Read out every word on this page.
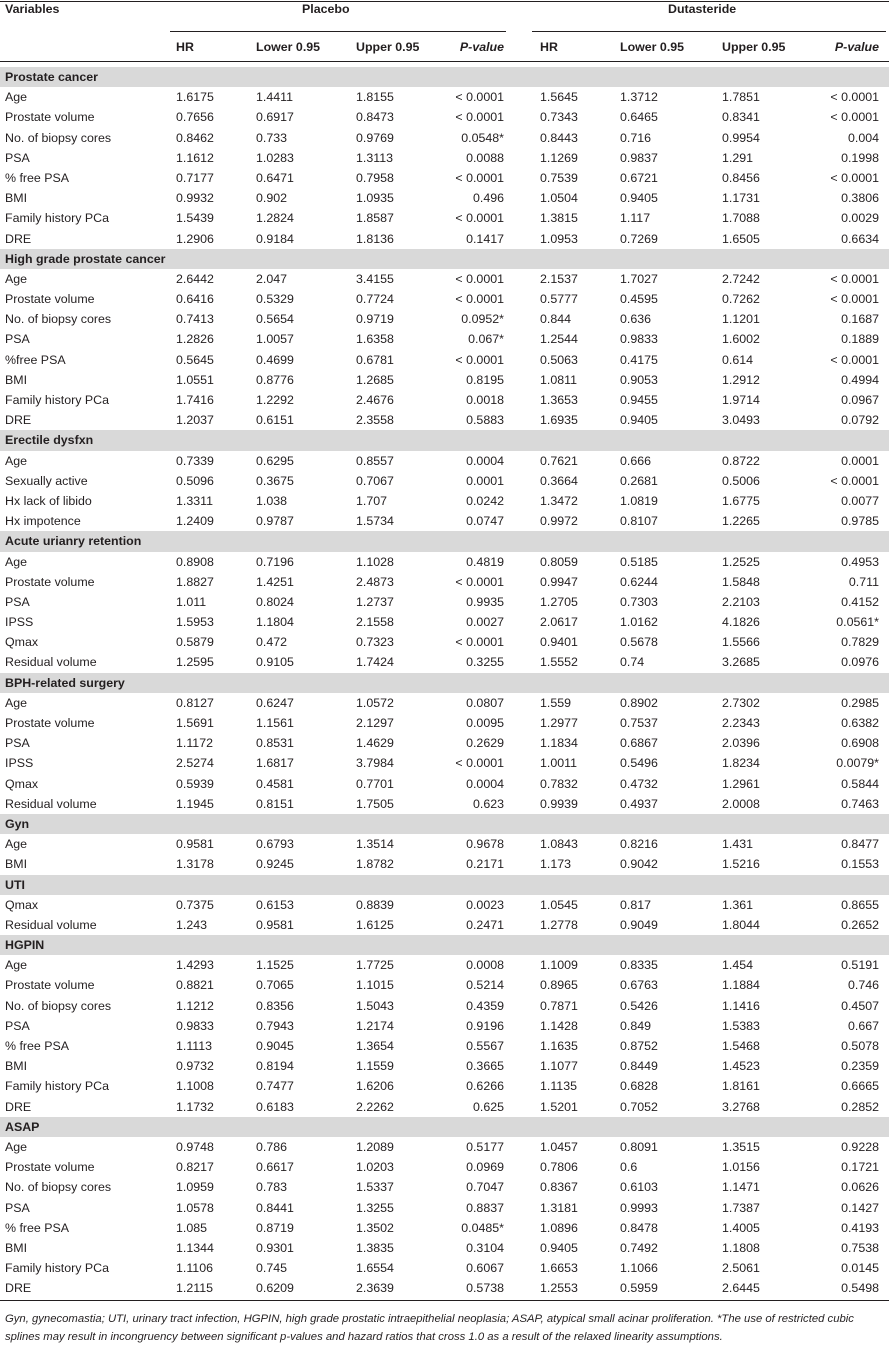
Variables	Placebo	Dutasteride
HR	Lower 0.95	Upper 0.95	P-value	HR	Lower 0.95	Upper 0.95	P-value
Prostate cancer
Age	1.6175	1.4411	1.8155	< 0.0001	1.5645	1.3712	1.7851	< 0.0001
Prostate volume	0.7656	0.6917	0.8473	< 0.0001	0.7343	0.6465	0.8341	< 0.0001
No. of biopsy cores	0.8462	0.733	0.9769	0.0548*	0.8443	0.716	0.9954	0.004
PSA	1.1612	1.0283	1.3113	0.0088	1.1269	0.9837	1.291	0.1998
% free PSA	0.7177	0.6471	0.7958	< 0.0001	0.7539	0.6721	0.8456	< 0.0001
BMI	0.9932	0.902	1.0935	0.496	1.0504	0.9405	1.1731	0.3806
Family history PCa	1.5439	1.2824	1.8587	< 0.0001	1.3815	1.117	1.7088	0.0029
DRE	1.2906	0.9184	1.8136	0.1417	1.0953	0.7269	1.6505	0.6634
High grade prostate cancer
Age	2.6442	2.047	3.4155	< 0.0001	2.1537	1.7027	2.7242	< 0.0001
Prostate volume	0.6416	0.5329	0.7724	< 0.0001	0.5777	0.4595	0.7262	< 0.0001
No. of biopsy cores	0.7413	0.5654	0.9719	0.0952*	0.844	0.636	1.1201	0.1687
PSA	1.2826	1.0057	1.6358	0.067*	1.2544	0.9833	1.6002	0.1889
%free PSA	0.5645	0.4699	0.6781	< 0.0001	0.5063	0.4175	0.614	< 0.0001
BMI	1.0551	0.8776	1.2685	0.8195	1.0811	0.9053	1.2912	0.4994
Family history PCa	1.7416	1.2292	2.4676	0.0018	1.3653	0.9455	1.9714	0.0967
DRE	1.2037	0.6151	2.3558	0.5883	1.6935	0.9405	3.0493	0.0792
Erectile dysfxn
Age	0.7339	0.6295	0.8557	0.0004	0.7621	0.666	0.8722	0.0001
Sexually active	0.5096	0.3675	0.7067	0.0001	0.3664	0.2681	0.5006	< 0.0001
Hx lack of libido	1.3311	1.038	1.707	0.0242	1.3472	1.0819	1.6775	0.0077
Hx impotence	1.2409	0.9787	1.5734	0.0747	0.9972	0.8107	1.2265	0.9785
Acute urianry retention
Age	0.8908	0.7196	1.1028	0.4819	0.8059	0.5185	1.2525	0.4953
Prostate volume	1.8827	1.4251	2.4873	< 0.0001	0.9947	0.6244	1.5848	0.711
PSA	1.011	0.8024	1.2737	0.9935	1.2705	0.7303	2.2103	0.4152
IPSS	1.5953	1.1804	2.1558	0.0027	2.0617	1.0162	4.1826	0.0561*
Qmax	0.5879	0.472	0.7323	< 0.0001	0.9401	0.5678	1.5566	0.7829
Residual volume	1.2595	0.9105	1.7424	0.3255	1.5552	0.74	3.2685	0.0976
BPH-related surgery
Age	0.8127	0.6247	1.0572	0.0807	1.559	0.8902	2.7302	0.2985
Prostate volume	1.5691	1.1561	2.1297	0.0095	1.2977	0.7537	2.2343	0.6382
PSA	1.1172	0.8531	1.4629	0.2629	1.1834	0.6867	2.0396	0.6908
IPSS	2.5274	1.6817	3.7984	< 0.0001	1.0011	0.5496	1.8234	0.0079*
Qmax	0.5939	0.4581	0.7701	0.0004	0.7832	0.4732	1.2961	0.5844
Residual volume	1.1945	0.8151	1.7505	0.623	0.9939	0.4937	2.0008	0.7463
Gyn
Age	0.9581	0.6793	1.3514	0.9678	1.0843	0.8216	1.431	0.8477
BMI	1.3178	0.9245	1.8782	0.2171	1.173	0.9042	1.5216	0.1553
UTI
Qmax	0.7375	0.6153	0.8839	0.0023	1.0545	0.817	1.361	0.8655
Residual volume	1.243	0.9581	1.6125	0.2471	1.2778	0.9049	1.8044	0.2652
HGPIN
Age	1.4293	1.1525	1.7725	0.0008	1.1009	0.8335	1.454	0.5191
Prostate volume	0.8821	0.7065	1.1015	0.5214	0.8965	0.6763	1.1884	0.746
No. of biopsy cores	1.1212	0.8356	1.5043	0.4359	0.7871	0.5426	1.1416	0.4507
PSA	0.9833	0.7943	1.2174	0.9196	1.1428	0.849	1.5383	0.667
% free PSA	1.1113	0.9045	1.3654	0.5567	1.1635	0.8752	1.5468	0.5078
BMI	0.9732	0.8194	1.1559	0.3665	1.1077	0.8449	1.4523	0.2359
Family history PCa	1.1008	0.7477	1.6206	0.6266	1.1135	0.6828	1.8161	0.6665
DRE	1.1732	0.6183	2.2262	0.625	1.5201	0.7052	3.2768	0.2852
ASAP
Age	0.9748	0.786	1.2089	0.5177	1.0457	0.8091	1.3515	0.9228
Prostate volume	0.8217	0.6617	1.0203	0.0969	0.7806	0.6	1.0156	0.1721
No. of biopsy cores	1.0959	0.783	1.5337	0.7047	0.8367	0.6103	1.1471	0.0626
PSA	1.0578	0.8441	1.3255	0.8837	1.3181	0.9993	1.7387	0.1427
% free PSA	1.085	0.8719	1.3502	0.0485*	1.0896	0.8478	1.4005	0.4193
BMI	1.1344	0.9301	1.3835	0.3104	0.9405	0.7492	1.1808	0.7538
Family history PCa	1.1106	0.745	1.6554	0.6067	1.6653	1.1066	2.5061	0.0145
DRE	1.2115	0.6209	2.3639	0.5738	1.2553	0.5959	2.6445	0.5498
Gyn, gynecomastia; UTI, urinary tract infection, HGPIN, high grade prostatic intraepithelial neoplasia; ASAP, atypical small acinar proliferation. *The use of restricted cubic splines may result in incongruency between significant p-values and hazard ratios that cross 1.0 as a result of the relaxed linearity assumptions.
